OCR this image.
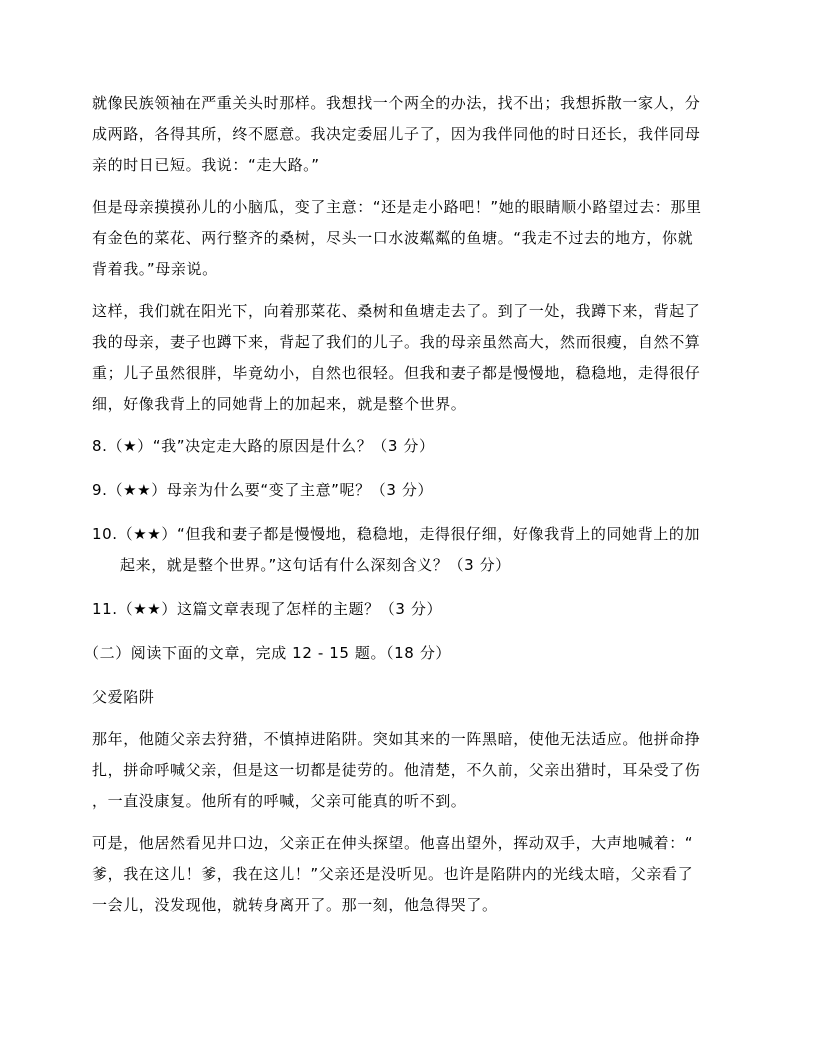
就像民族领袖在严重关头时那样。我想找一个两全的办法，找不出；我想拆散一家人，分
成两路，各得其所，终不愿意。我决定委屈儿子了，因为我伴同他的时日还长，我伴同母
亲的时日已短。我说：“走大路。”
但是母亲摸摸孙儿的小脑瓜，变了主意：“还是走小路吧！”她的眼睛顺小路望过去：那里
有金色的菜花、两行整齐的桑树，尽头一口水波粼粼的鱼塘。“我走不过去的地方，你就
背着我。”母亲说。
这样，我们就在阳光下，向着那菜花、桑树和鱼塘走去了。到了一处，我蹲下来，背起了
我的母亲，妻子也蹲下来，背起了我们的儿子。我的母亲虽然高大，然而很瘦，自然不算
重；儿子虽然很胖，毕竟幼小，自然也很轻。但我和妻子都是慢慢地，稳稳地，走得很仔
细，好像我背上的同她背上的加起来，就是整个世界。
8.（★）“我”决定走大路的原因是什么？（3 分）
9.（★★）母亲为什么要“变了主意”呢？（3 分）
10.（★★）“但我和妻子都是慢慢地，稳稳地，走得很仔细，好像我背上的同她背上的加
起来，就是整个世界。”这句话有什么深刻含义？（3 分）
11.（★★）这篇文章表现了怎样的主题？（3 分）
（二）阅读下面的文章，完成 12 - 15 题。（18 分）
父爱陷阱
那年，他随父亲去狩猎，不慎掉进陷阱。突如其来的一阵黑暗，使他无法适应。他拼命挣
扎，拼命呼喊父亲，但是这一切都是徒劳的。他清楚，不久前，父亲出猎时，耳朵受了伤
，一直没康复。他所有的呼喊，父亲可能真的听不到。
可是，他居然看见井口边，父亲正在伸头探望。他喜出望外，挥动双手，大声地喊着：“
爹，我在这儿！爹，我在这儿！”父亲还是没听见。也许是陷阱内的光线太暗，父亲看了
一会儿，没发现他，就转身离开了。那一刻，他急得哭了。
